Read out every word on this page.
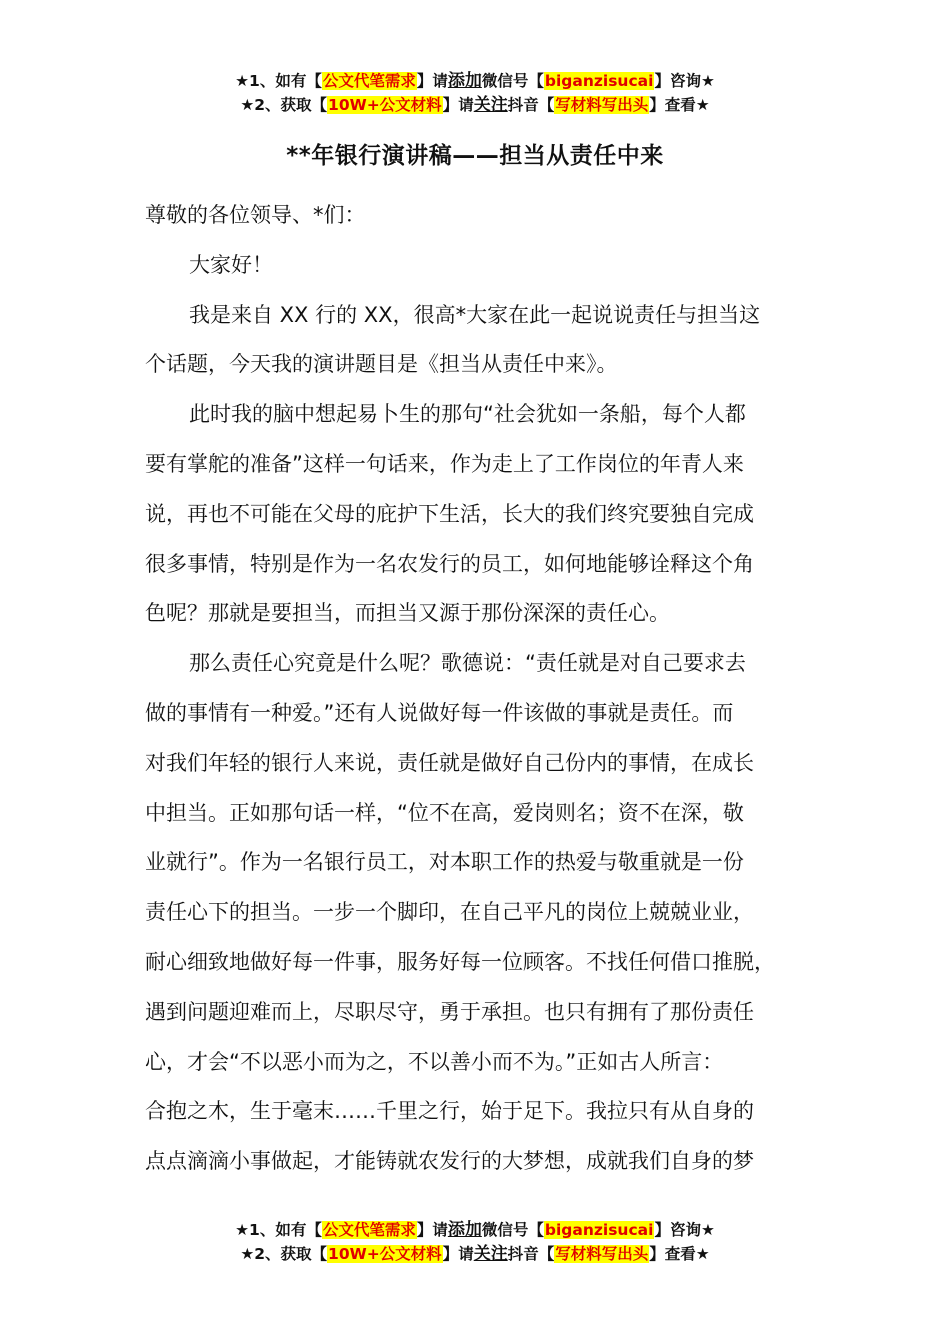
★1、如有【公文代笔需求】请添加微信号【biganzisucai】咨询★
★2、获取【10W+公文材料】请关注抖音【写材料写出头】查看★
**年银行演讲稿——担当从责任中来

尊敬的各位领导、*们：

大家好！

我是来自 XX 行的 XX，很高*大家在此一起说说责任与担当这

个话题，今天我的演讲题目是《担当从责任中来》。

此时我的脑中想起易卜生的那句“社会犹如一条船，每个人都

要有掌舵的准备”这样一句话来，作为走上了工作岗位的年青人来

说，再也不可能在父母的庇护下生活，长大的我们终究要独自完成

很多事情，特别是作为一名农发行的员工，如何地能够诠释这个角

色呢？那就是要担当，而担当又源于那份深深的责任心。

那么责任心究竟是什么呢？歌德说：“责任就是对自己要求去

做的事情有一种爱。”还有人说做好每一件该做的事就是责任。而

对我们年轻的银行人来说，责任就是做好自己份内的事情，在成长

中担当。正如那句话一样，“位不在高，爱岗则名；资不在深，敬

业就行”。作为一名银行员工，对本职工作的热爱与敬重就是一份

责任心下的担当。一步一个脚印，在自己平凡的岗位上兢兢业业，

耐心细致地做好每一件事，服务好每一位顾客。不找任何借口推脱，

遇到问题迎难而上，尽职尽守，勇于承担。也只有拥有了那份责任

心，才会“不以恶小而为之，不以善小而不为。”正如古人所言：

合抱之木，生于毫末……千里之行，始于足下。我拉只有从自身的

点点滴滴小事做起，才能铸就农发行的大梦想，成就我们自身的梦

★1、如有【公文代笔需求】请添加微信号【biganzisucai】咨询★
★2、获取【10W+公文材料】请关注抖音【写材料写出头】查看★
